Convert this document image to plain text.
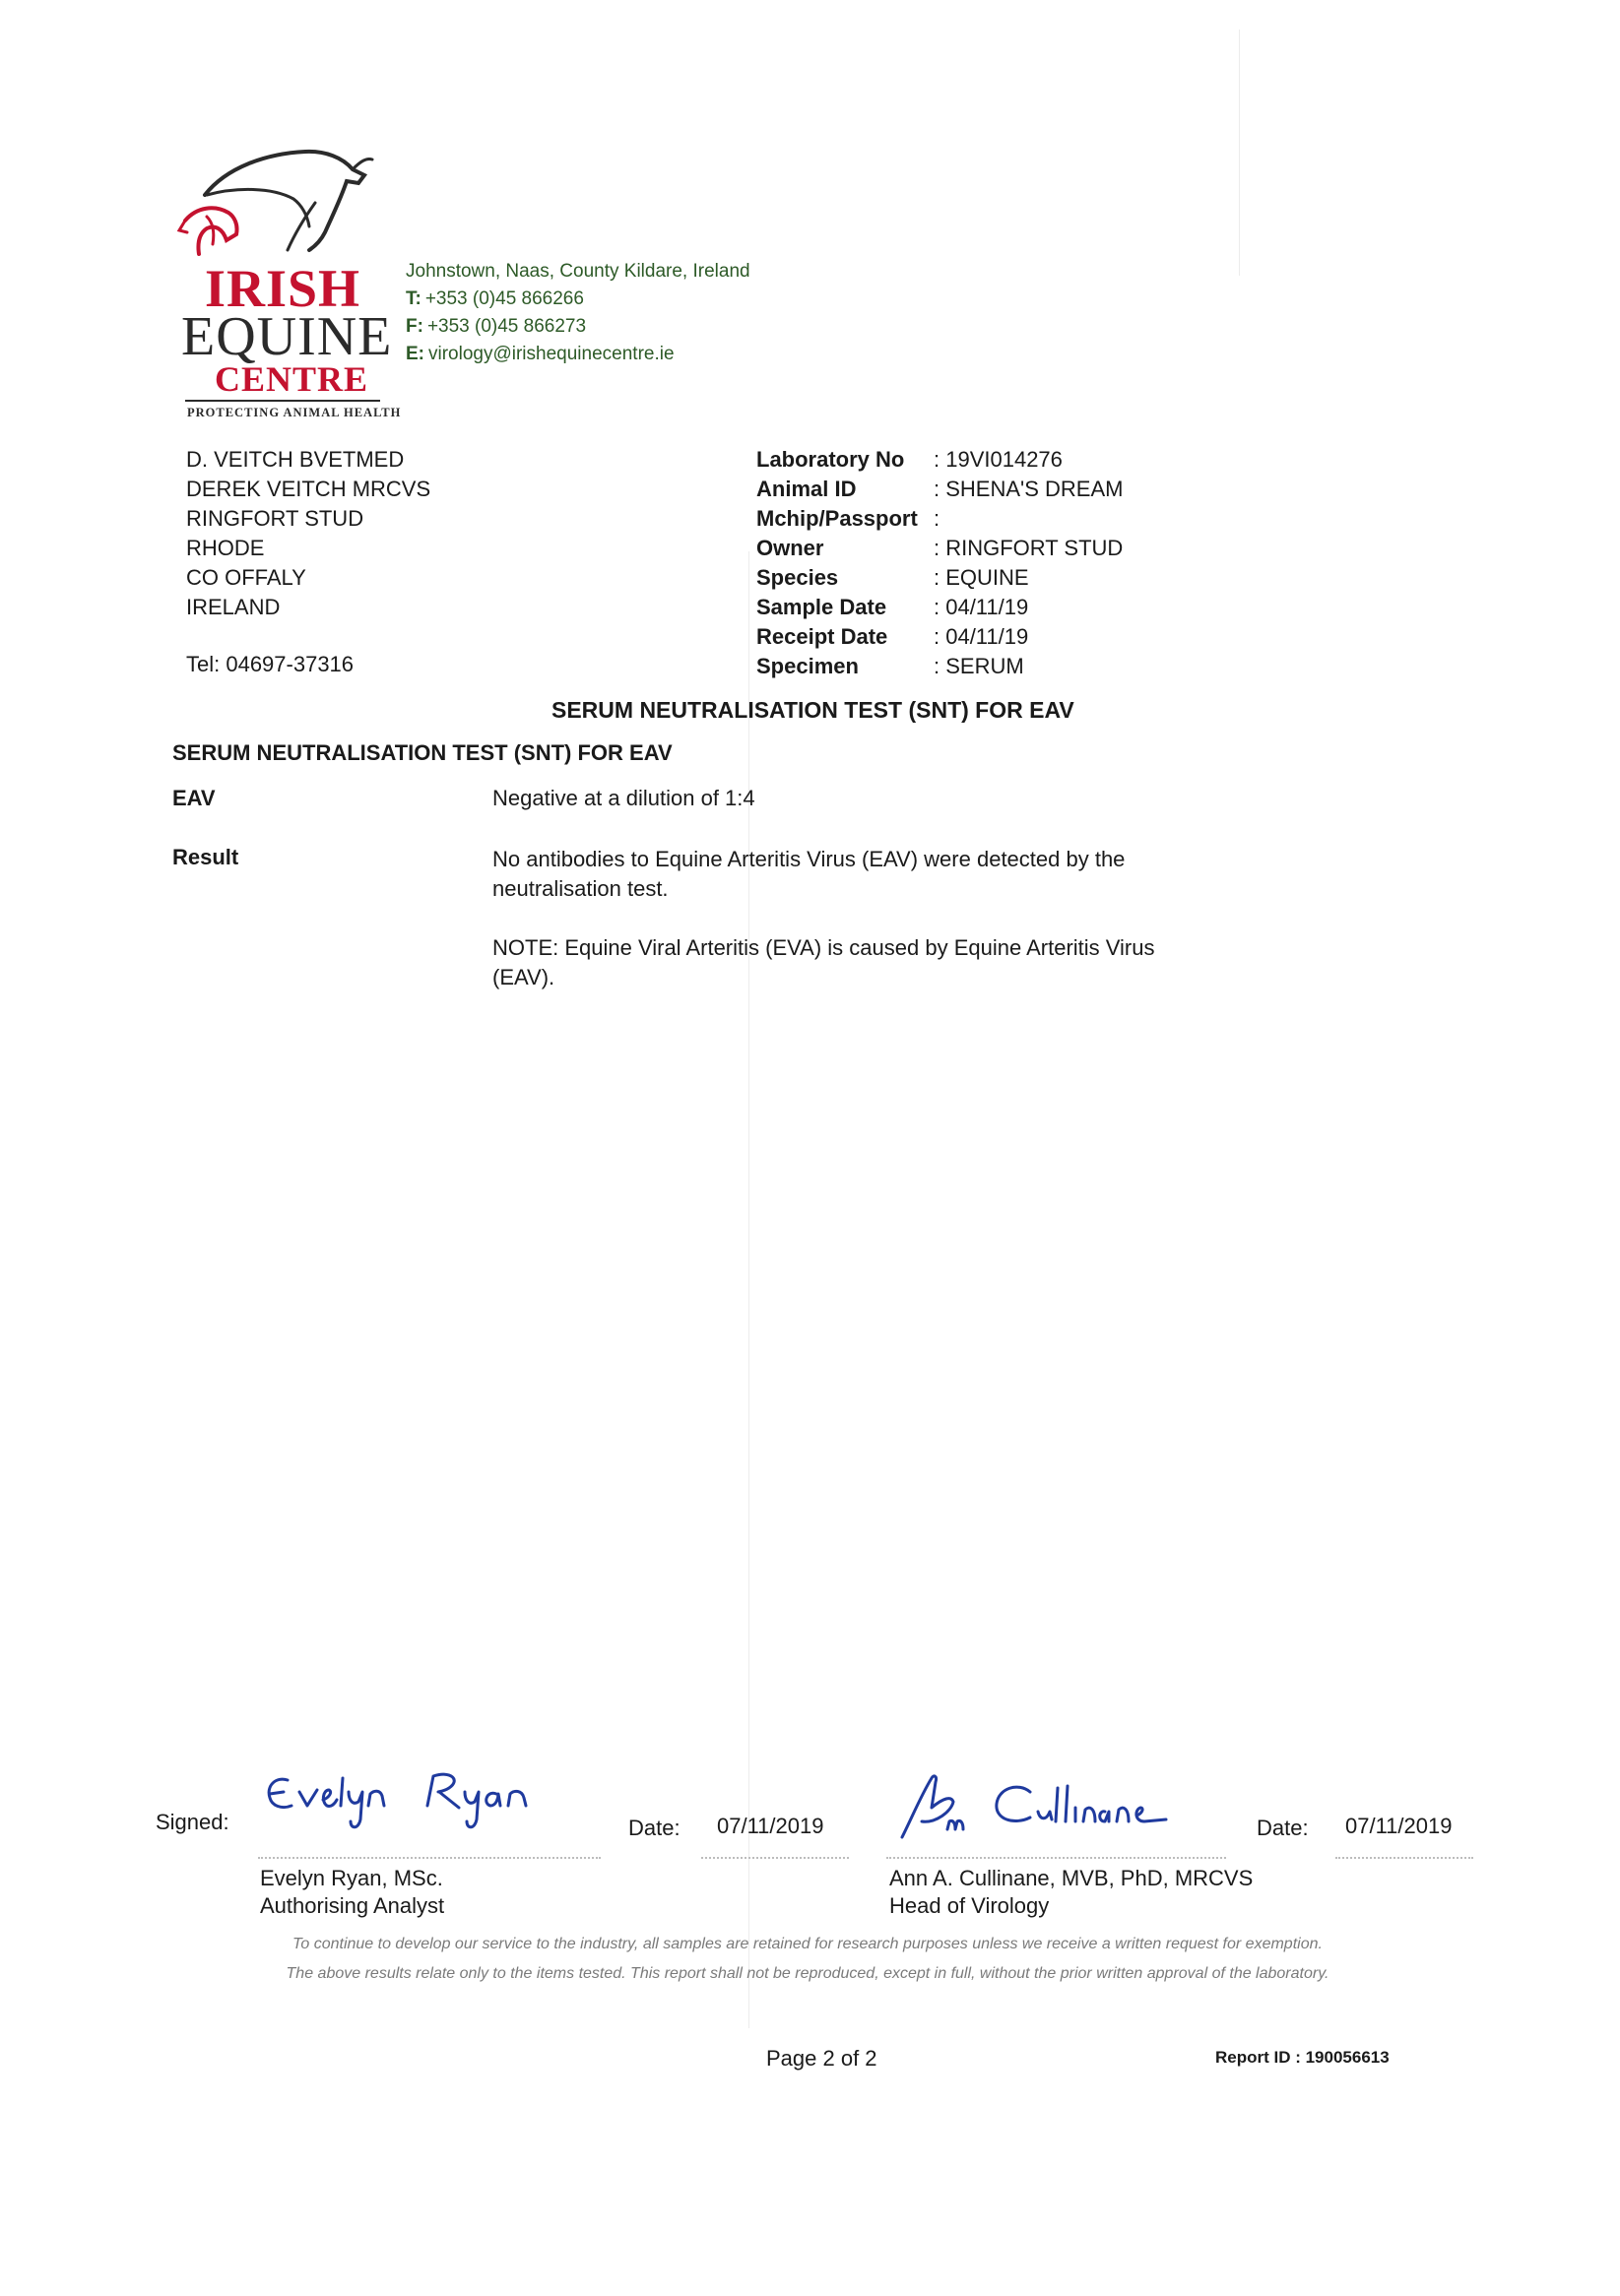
IRISH
EQUINE
CENTRE
PROTECTING ANIMAL HEALTH
Johnstown, Naas, County Kildare, Ireland
T: +353 (0)45 866266
F: +353 (0)45 866273
E: virology@irishequinecentre.ie
D. VEITCH BVETMED
DEREK VEITCH MRCVS
RINGFORT STUD
RHODE
CO OFFALY
IRELAND
Tel: 04697-37316
Laboratory No	: 19VI014276
Animal ID	: SHENA'S DREAM
Mchip/Passport :
Owner	: RINGFORT STUD
Species	: EQUINE
Sample Date	: 04/11/19
Receipt Date	: 04/11/19
Specimen	: SERUM
SERUM NEUTRALISATION TEST (SNT) FOR EAV
SERUM NEUTRALISATION TEST (SNT) FOR EAV
EAV	Negative at a dilution of 1:4
Result	No antibodies to Equine Arteritis Virus (EAV) were detected by the neutralisation test.
NOTE: Equine Viral Arteritis (EVA) is caused by Equine Arteritis Virus (EAV).
Signed:	Date: 07/11/2019
Evelyn Ryan, MSc.
Authorising Analyst
Date: 07/11/2019
Ann A. Cullinane, MVB, PhD, MRCVS
Head of Virology
To continue to develop our service to the industry, all samples are retained for research purposes unless we receive a written request for exemption.
The above results relate only to the items tested. This report shall not be reproduced, except in full, without the prior written approval of the laboratory.
Page 2 of 2	Report ID : 190056613
